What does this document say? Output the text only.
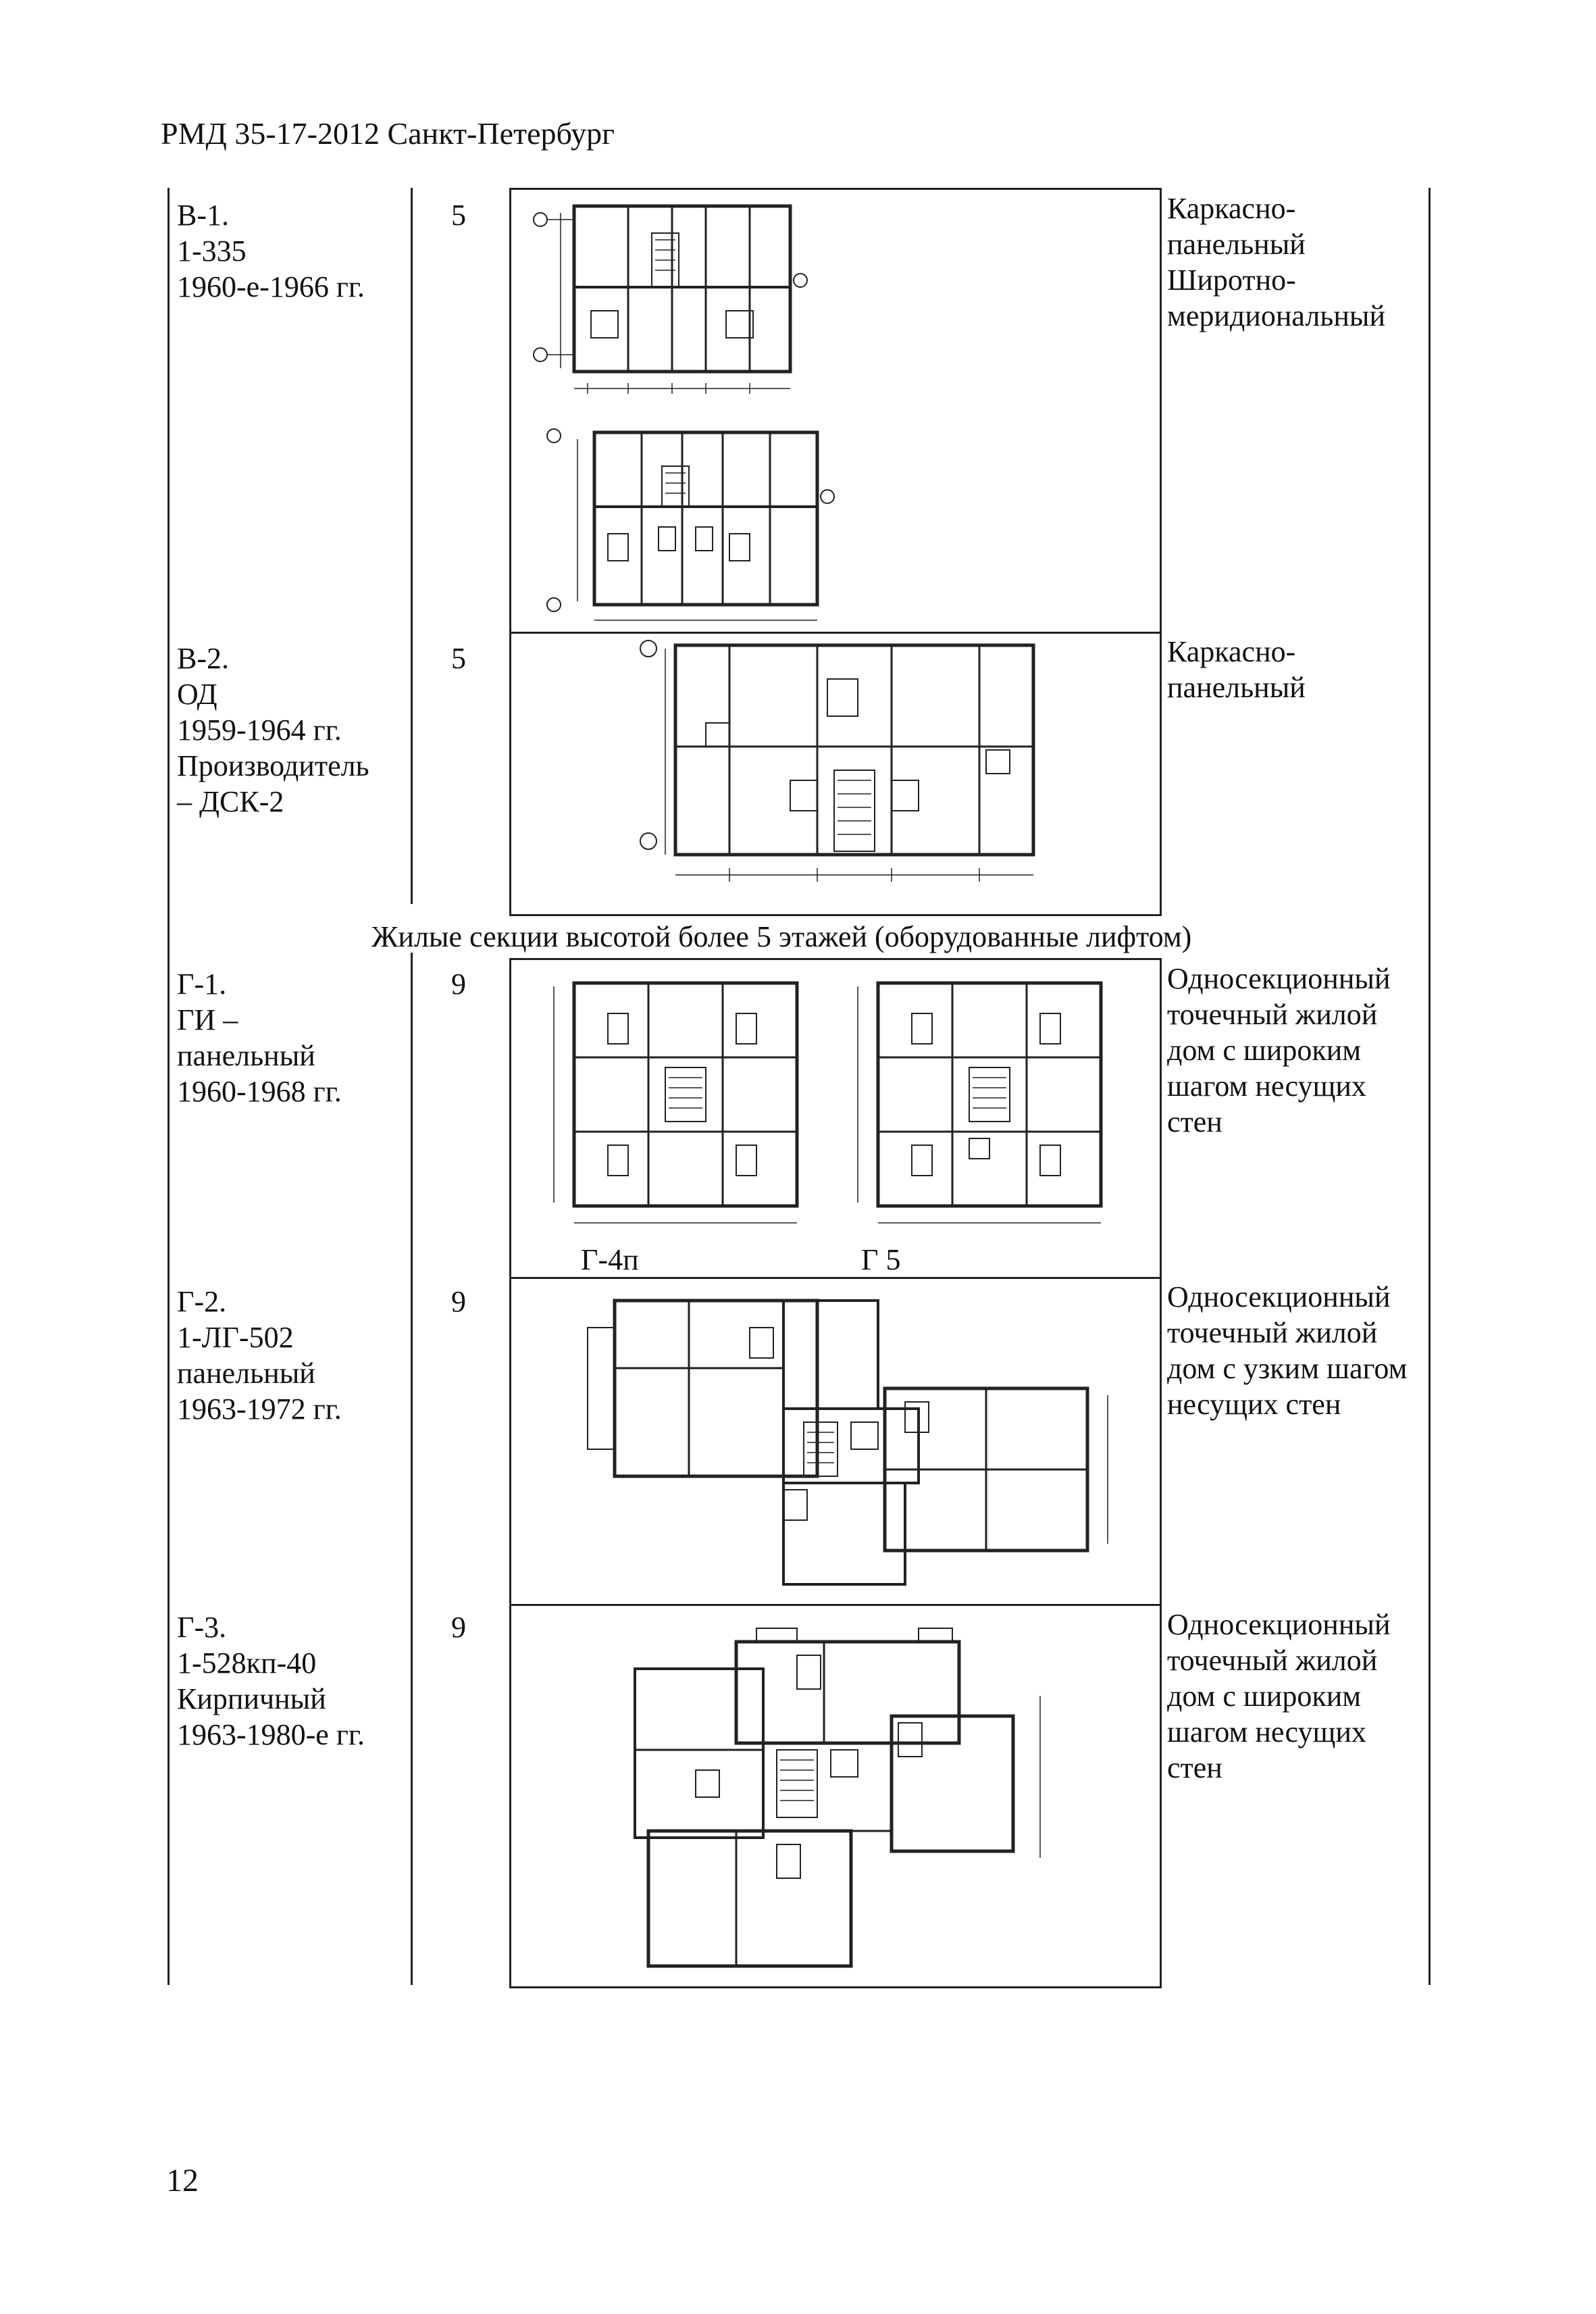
РМД 35-17-2012 Санкт-Петербург
В-1.
1-335
1960-е-1966 гг.
5	Каркасно-
панельный
Широтно-
меридиональный
В-2.
ОД
1959-1964 гг.
Производитель
– ДСК-2
5	Каркасно-
панельный
Жилые секции высотой более 5 этажей (оборудованные лифтом)
Г-1.
ГИ –
панельный
1960-1968 гг.
9	Односекционный
точечный жилой
дом с широким
шагом несущих
стен
Г-4п	Г 5
Г-2.
1-ЛГ-502
панельный
1963-1972 гг.
9	Односекционный
точечный жилой
дом с узким шагом
несущих стен
Г-3.
1-528кп-40
Кирпичный
1963-1980-е гг.
9	Односекционный
точечный жилой
дом с широким
шагом несущих
стен
12
